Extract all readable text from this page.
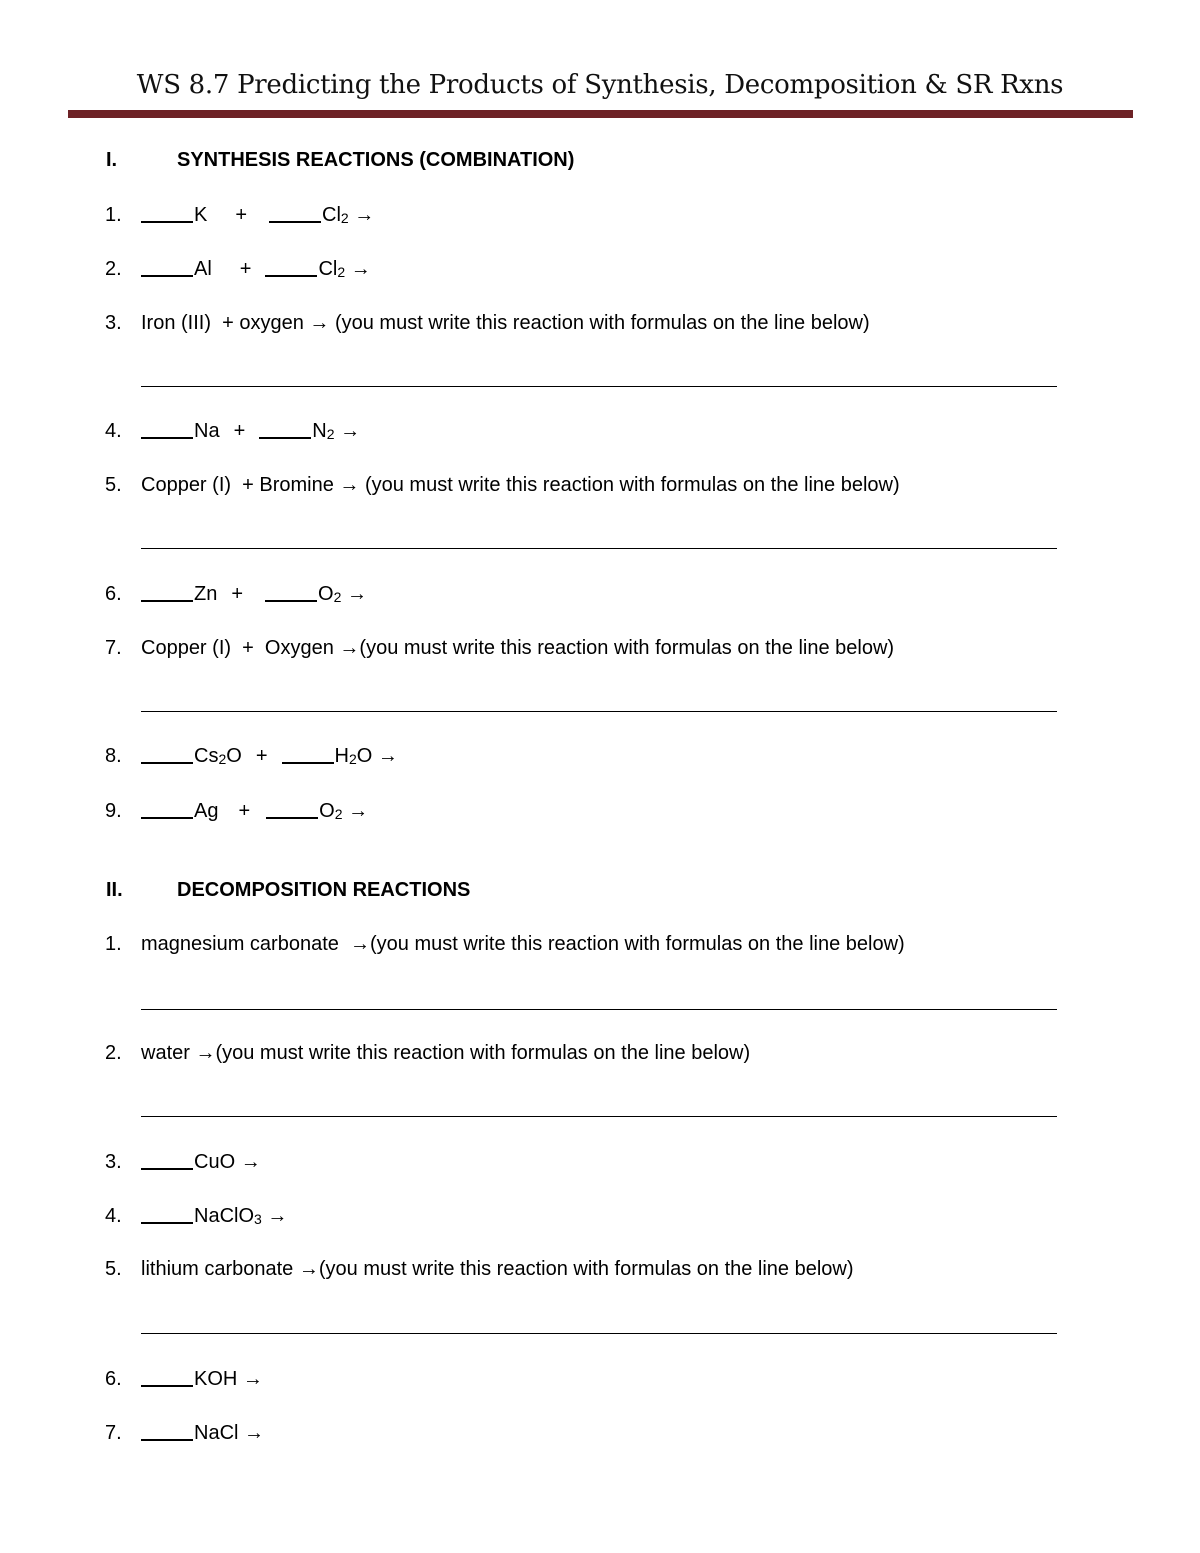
WS 8.7 Predicting the Products of Synthesis, Decomposition & SR Rxns
I.	SYNTHESIS REACTIONS (COMBINATION)
1.	K +	$Cl_2$ →
2.	Al +	$Cl_2$ →
3. Iron (III)  + oxygen → (you must write this reaction with formulas on the line below)
4.	Na +	$N_2$ →
5. Copper (I)  + Bromine → (you must write this reaction with formulas on the line below)
6.	Zn +	$O_2$ →
7. Copper (I)  +  Oxygen →(you must write this reaction with formulas on the line below)
8.	$Cs_2O$ +	$H_2O$ →
9.	Ag +	$O_2$ →
II.	DECOMPOSITION REACTIONS
1. magnesium carbonate  →(you must write this reaction with formulas on the line below)
2. water →(you must write this reaction with formulas on the line below)
3.	CuO →
4.	NaClO$_3$ →
5. lithium carbonate →(you must write this reaction with formulas on the line below)
6.	KOH →
7.	NaCl →
